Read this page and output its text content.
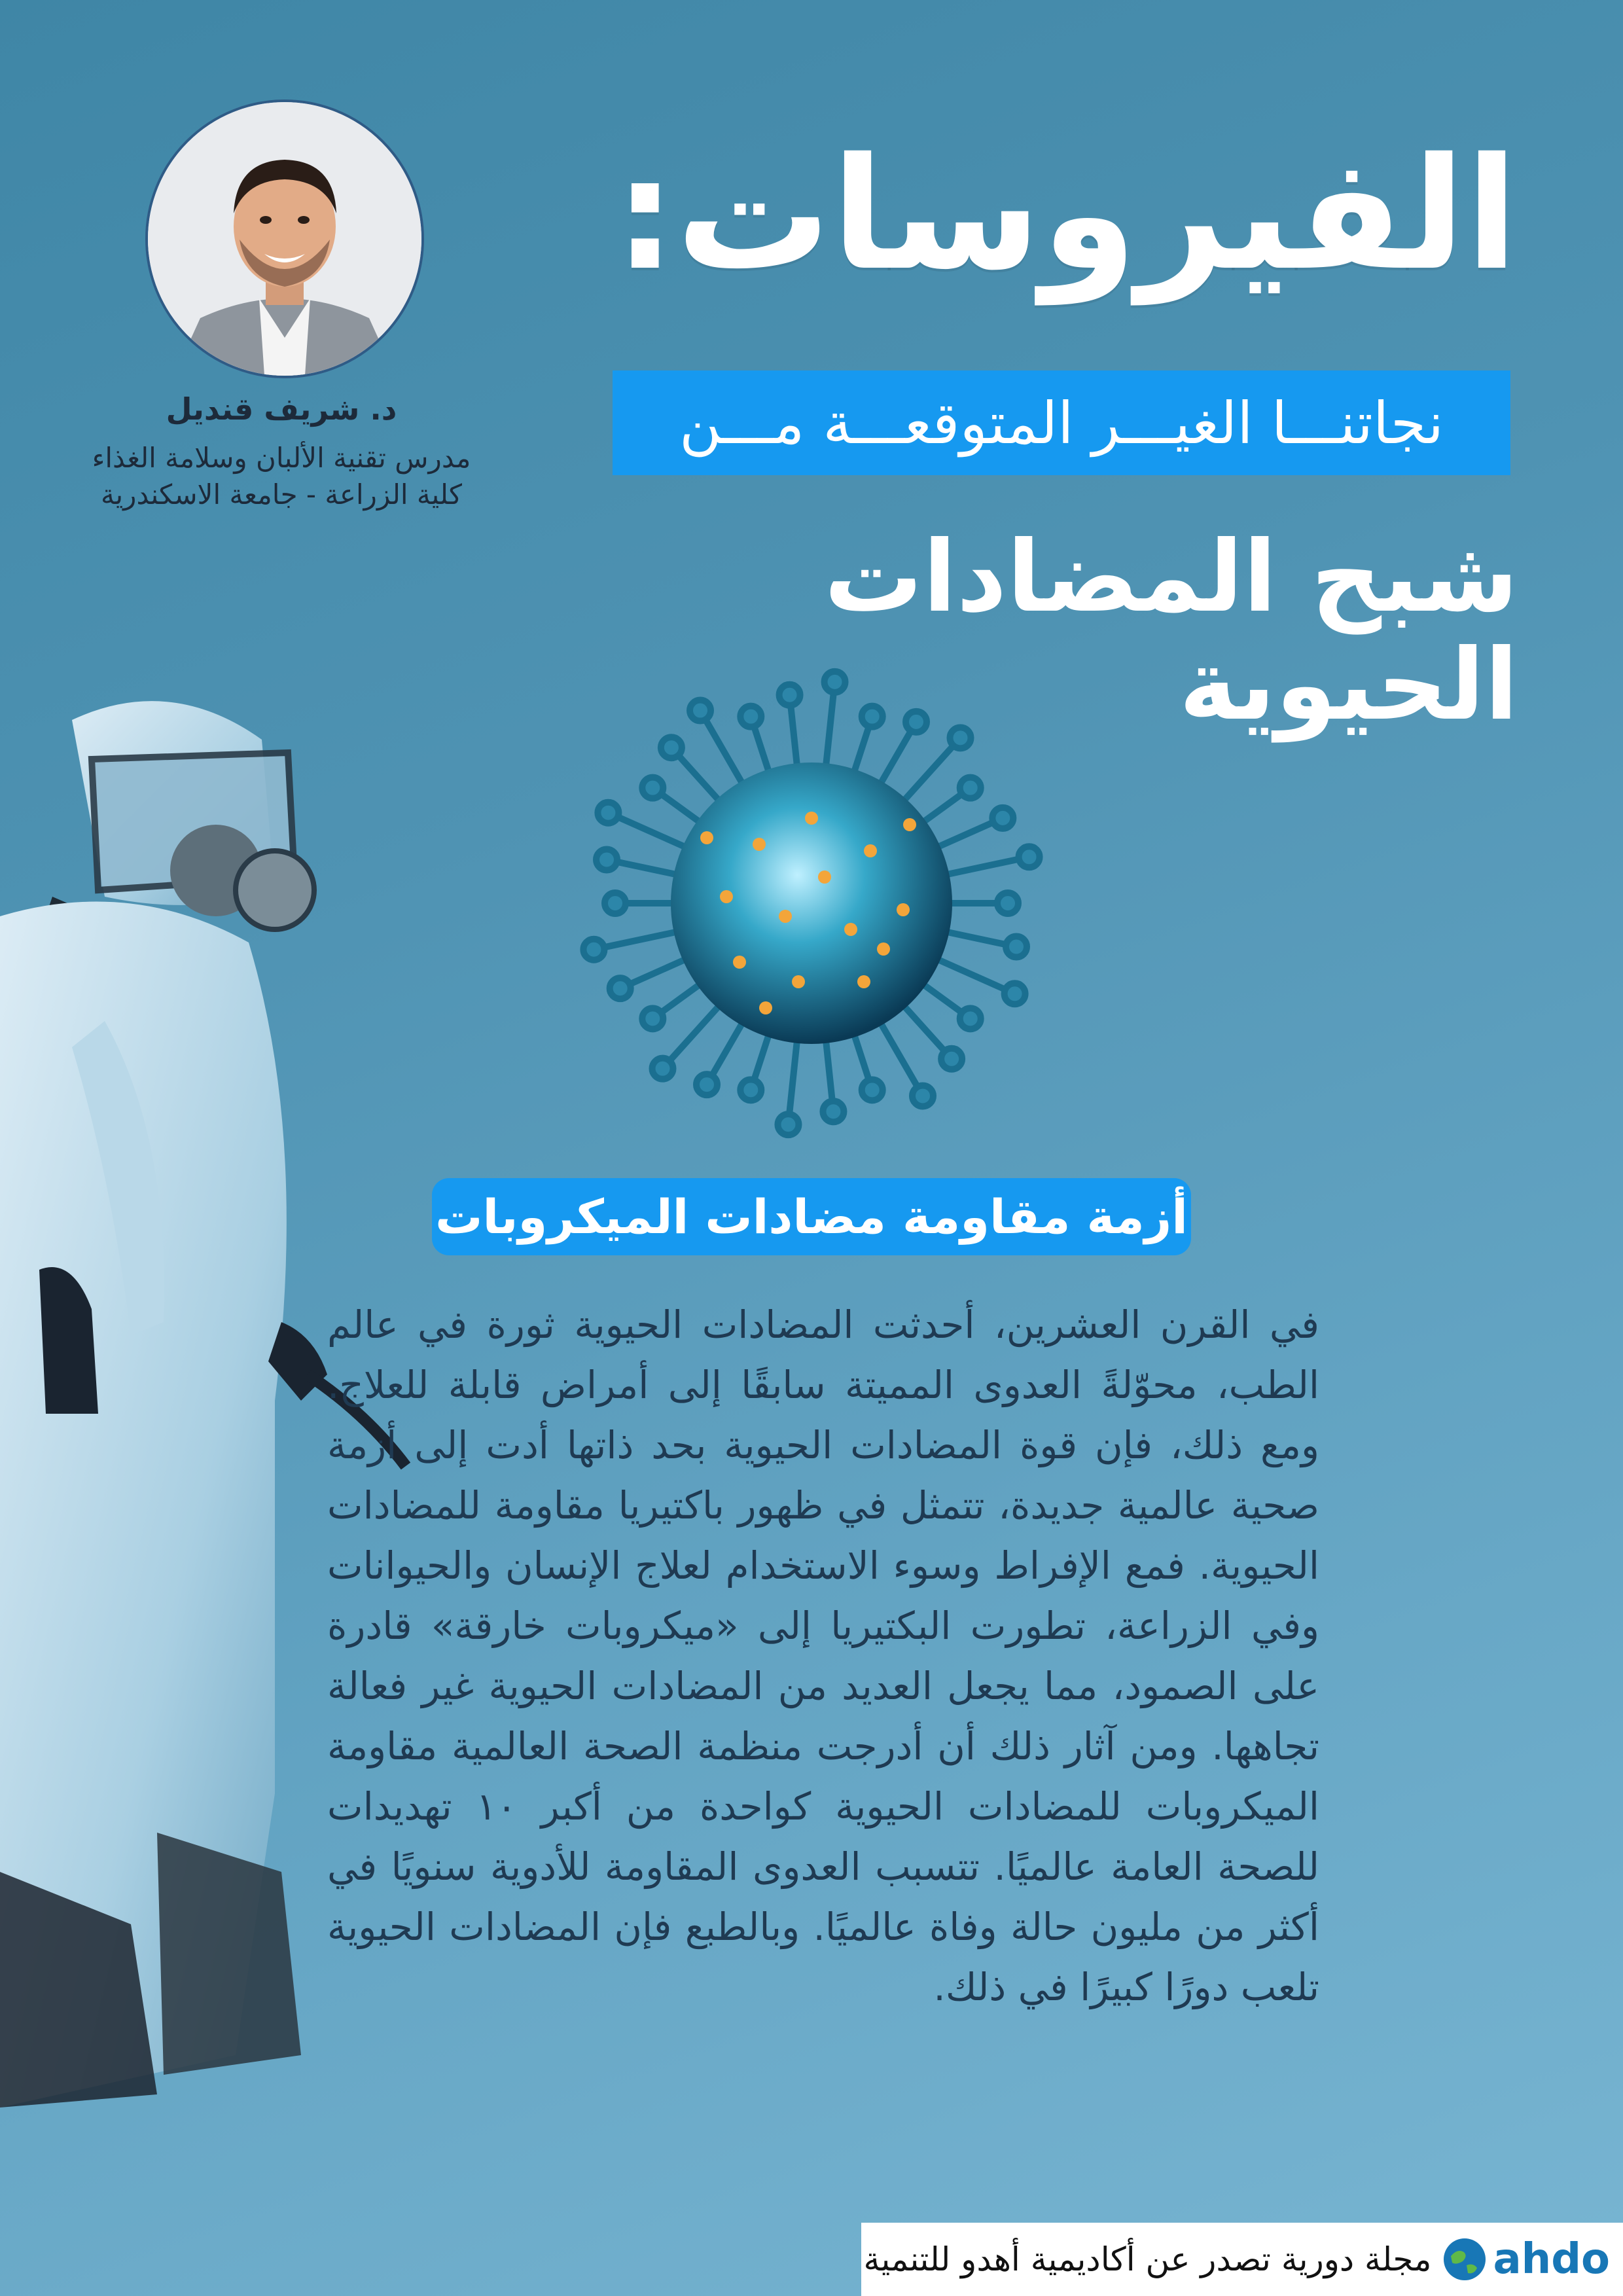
د. شريف قنديل
مدرس تقنية الألبان وسلامة الغذاء كلية الزراعة - جامعة الاسكندرية
الفيروسات:
نجاتنـــا الغيـــر المتوقعـــة مـــن
شبح المضادات الحيوية
أزمة مقاومة مضادات الميكروبات
في القرن العشرين، أحدثت المضادات الحيوية ثورة في عالم الطب، محوّلةً العدوى المميتة سابقًا إلى أمراض قابلة للعلاج. ومع ذلك، فإن قوة المضادات الحيوية بحد ذاتها أدت إلى أزمة صحية عالمية جديدة، تتمثل في ظهور باكتيريا مقاومة للمضادات الحيوية. فمع الإفراط وسوء الاستخدام لعلاج الإنسان والحيوانات وفي الزراعة، تطورت البكتيريا إلى «ميكروبات خارقة» قادرة على الصمود، مما يجعل العديد من المضادات الحيوية غير فعالة تجاهها. ومن آثار ذلك أن أدرجت منظمة الصحة العالمية مقاومة الميكروبات للمضادات الحيوية كواحدة من أكبر ١٠ تهديدات للصحة العامة عالميًا. تتسبب العدوى المقاومة للأدوية سنويًا في أكثر من مليون حالة وفاة عالميًا. وبالطبع فإن المضادات الحيوية تلعب دورًا كبيرًا في ذلك.
ahdo
مجلة دورية تصدر عن أكاديمية أهدو للتنمية
